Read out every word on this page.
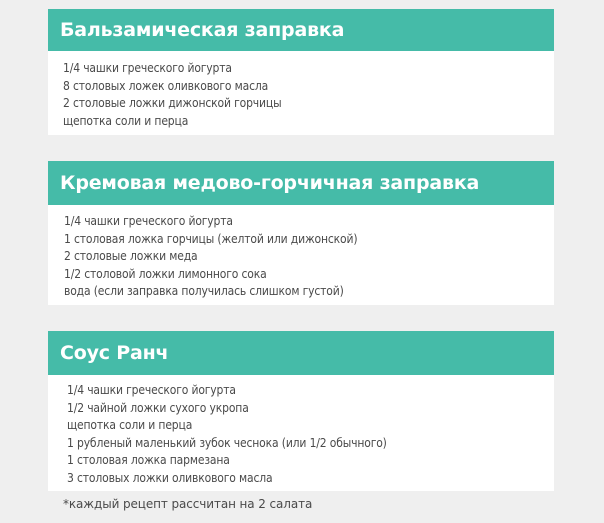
Бальзамическая заправка
1/4 чашки греческого йогурта
8 столовых ложек оливкового масла
2 столовые ложки дижонской горчицы
щепотка соли и перца
Кремовая медово-горчичная заправка
1/4 чашки греческого йогурта
1 столовая ложка горчицы (желтой или дижонской)
2 столовые ложки меда
1/2 столовой ложки лимонного сока
вода (если заправка получилась слишком густой)
Соус Ранч
1/4 чашки греческого йогурта
1/2 чайной ложки сухого укропа
щепотка соли и перца
1 рубленый маленький зубок чеснока (или 1/2 обычного)
1 столовая ложка пармезана
3 столовых ложки оливкового масла
*каждый рецепт рассчитан на 2 салата
